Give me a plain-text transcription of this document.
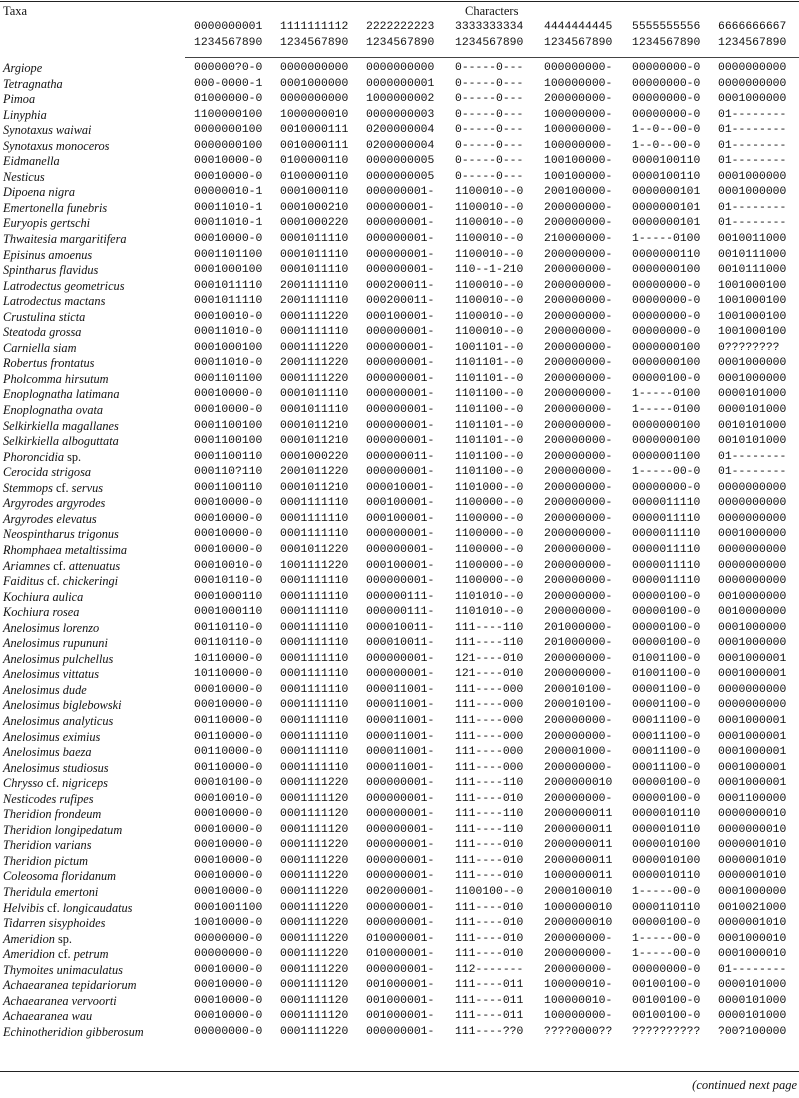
Taxa	Characters
0000000001 1111111112 2222222223 3333333334 4444444445 5555555556 6666666667
1234567890 1234567890 1234567890 1234567890 1234567890 1234567890 1234567890
Argiope	000000?0-0 0000000000 0000000000 0-----0--- 000000000- 00000000-0 0000000000
Tetragnatha	000-0000-1 0001000000 0000000001 0-----0--- 100000000- 00000000-0 0000000000
Pimoa	01000000-0 0000000000 1000000002 0-----0--- 200000000- 00000000-0 0001000000
Linyphia	1100000100 1000000010 0000000003 0-----0--- 100000000- 00000000-0 01--------
Synotaxus waiwai	0000000100 0010000111 0200000004 0-----0--- 100000000- 1--0--00-0 01--------
Synotaxus monoceros	0000000100 0010000111 0200000004 0-----0--- 100000000- 1--0--00-0 01--------
Eidmanella	00010000-0 0100000110 0000000005 0-----0--- 100100000- 0000100110 01--------
Nesticus	00010000-0 0100000110 0000000005 0-----0--- 100100000- 0000100110 0001000000
Dipoena nigra	00000010-1 0001000110 000000001- 1100010--0 200100000- 0000000101 0001000000
Emertonella funebris	00011010-1 0001000210 000000001- 1100010--0 200000000- 0000000101 01--------
Euryopis gertschi	00011010-1 0001000220 000000001- 1100010--0 200000000- 0000000101 01--------
Thwaitesia margaritifera	00010000-0 0001011110 000000001- 1100010--0 210000000- 1-----0100 0010011000
Episinus amoenus	0001101100 0001011110 000000001- 1100010--0 200000000- 0000000110 0010111000
Spintharus flavidus	0001000100 0001011110 000000001- 110--1-210 200000000- 0000000100 0010111000
Latrodectus geometricus	0001011110 2001111110 000200011- 1100010--0 200000000- 00000000-0 1001000100
Latrodectus mactans	0001011110 2001111110 000200011- 1100010--0 200000000- 00000000-0 1001000100
Crustulina sticta	00010010-0 0001111220 000100001- 1100010--0 200000000- 00000000-0 1001000100
Steatoda grossa	00011010-0 0001111110 000000001- 1100010--0 200000000- 00000000-0 1001000100
Carniella siam	0001000100 0001111220 000000001- 1001101--0 200000000- 0000000100 0????????
Robertus frontatus	00011010-0 2001111220 000000001- 1101101--0 200000000- 0000000100 0001000000
Pholcomma hirsutum	0001101100 0001111220 000000001- 1101101--0 200000000- 00000100-0 0001000000
Enoplognatha latimana	00010000-0 0001011110 000000001- 1101100--0 200000000- 1-----0100 0000101000
Enoplognatha ovata	00010000-0 0001011110 000000001- 1101100--0 200000000- 1-----0100 0000101000
Selkirkiella magallanes	0001100100 0001011210 000000001- 1101101--0 200000000- 0000000100 0010101000
Selkirkiella alboguttata	0001100100 0001011210 000000001- 1101101--0 200000000- 0000000100 0010101000
Phoroncidia sp.	0001100110 0001000220 000000011- 1101100--0 200000000- 0000001100 01--------
Cerocida strigosa	000110?110 2001011220 000000001- 1101100--0 200000000- 1-----00-0 01--------
Stemmops cf. servus	0001100110 0001011210 000010001- 1101000--0 200000000- 00000000-0 0000000000
Argyrodes argyrodes	00010000-0 0001111110 000100001- 1100000--0 200000000- 0000011110 0000000000
Argyrodes elevatus	00010000-0 0001111110 000100001- 1100000--0 200000000- 0000011110 0000000000
Neospintharus trigonus	00010000-0 0001111110 000000001- 1100000--0 200000000- 0000011110 0001000000
Rhomphaea metaltissima	00010000-0 0001011220 000000001- 1100000--0 200000000- 0000011110 0000000000
Ariamnes cf. attenuatus	00010010-0 1001111220 000100001- 1100000--0 200000000- 0000011110 0000000000
Faiditus cf. chickeringi	00010110-0 0001111110 000000001- 1100000--0 200000000- 0000011110 0000000000
Kochiura aulica	0001000110 0001111110 000000111- 1101010--0 200000000- 00000100-0 0010000000
Kochiura rosea	0001000110 0001111110 000000111- 1101010--0 200000000- 00000100-0 0010000000
Anelosimus lorenzo	00110110-0 0001111110 000010011- 111----110 201000000- 00000100-0 0001000000
Anelosimus rupununi	00110110-0 0001111110 000010011- 111----110 201000000- 00000100-0 0001000000
Anelosimus pulchellus	10110000-0 0001111110 000000001- 121----010 200000000- 01001100-0 0001000001
Anelosimus vittatus	10110000-0 0001111110 000000001- 121----010 200000000- 01001100-0 0001000001
Anelosimus dude	00010000-0 0001111110 000011001- 111----000 200010100- 00001100-0 0000000000
Anelosimus biglebowski	00010000-0 0001111110 000011001- 111----000 200010100- 00001100-0 0000000000
Anelosimus analyticus	00110000-0 0001111110 000011001- 111----000 200000000- 00011100-0 0001000001
Anelosimus eximius	00110000-0 0001111110 000011001- 111----000 200000000- 00011100-0 0001000001
Anelosimus baeza	00110000-0 0001111110 000011001- 111----000 200001000- 00011100-0 0001000001
Anelosimus studiosus	00110000-0 0001111110 000011001- 111----000 200000000- 00011100-0 0001000001
Chrysso cf. nigriceps	00010100-0 0001111220 000000001- 111----110 2000000010 00000100-0 0001000001
Nesticodes rufipes	00010010-0 0001111120 000000001- 111----010 200000000- 00000100-0 0001100000
Theridion frondeum	00010000-0 0001111120 000000001- 111----110 2000000011 0000010110 0000000010
Theridion longipedatum	00010000-0 0001111120 000000001- 111----110 2000000011 0000010110 0000000010
Theridion varians	00010000-0 0001111220 000000001- 111----010 2000000011 0000010100 0000001010
Theridion pictum	00010000-0 0001111220 000000001- 111----010 2000000011 0000010100 0000001010
Coleosoma floridanum	00010000-0 0001111220 000000001- 111----010 1000000011 0000010110 0000001010
Theridula emertoni	00010000-0 0001111220 002000001- 1100100--0 2000100010 1-----00-0 0001000000
Helvibis cf. longicaudatus	0001001100 0001111220 000000001- 111----010 1000000010 0000110110 0010021000
Tidarren sisyphoides	10010000-0 0001111220 000000001- 111----010 2000000010 00000100-0 0000001010
Ameridion sp.	00000000-0 0001111220 010000001- 111----010 200000000- 1-----00-0 0001000010
Ameridion cf. petrum	00000000-0 0001111220 010000001- 111----010 200000000- 1-----00-0 0001000010
Thymoites unimaculatus	00010000-0 0001111220 000000001- 112------- 200000000- 00000000-0 01--------
Achaearanea tepidariorum	00010000-0 0001111120 001000001- 111----011 100000010- 00100100-0 0000101000
Achaearanea vervoorti	00010000-0 0001111120 001000001- 111----011 100000010- 00100100-0 0000101000
Achaearanea wau	00010000-0 0001111120 001000001- 111----011 100000000- 00100100-0 0000101000
Echinotheridion gibberosum	00000000-0 0001111220 000000001- 111----??0 ????0000?? ?????????? ?00?100000
(continued next page
